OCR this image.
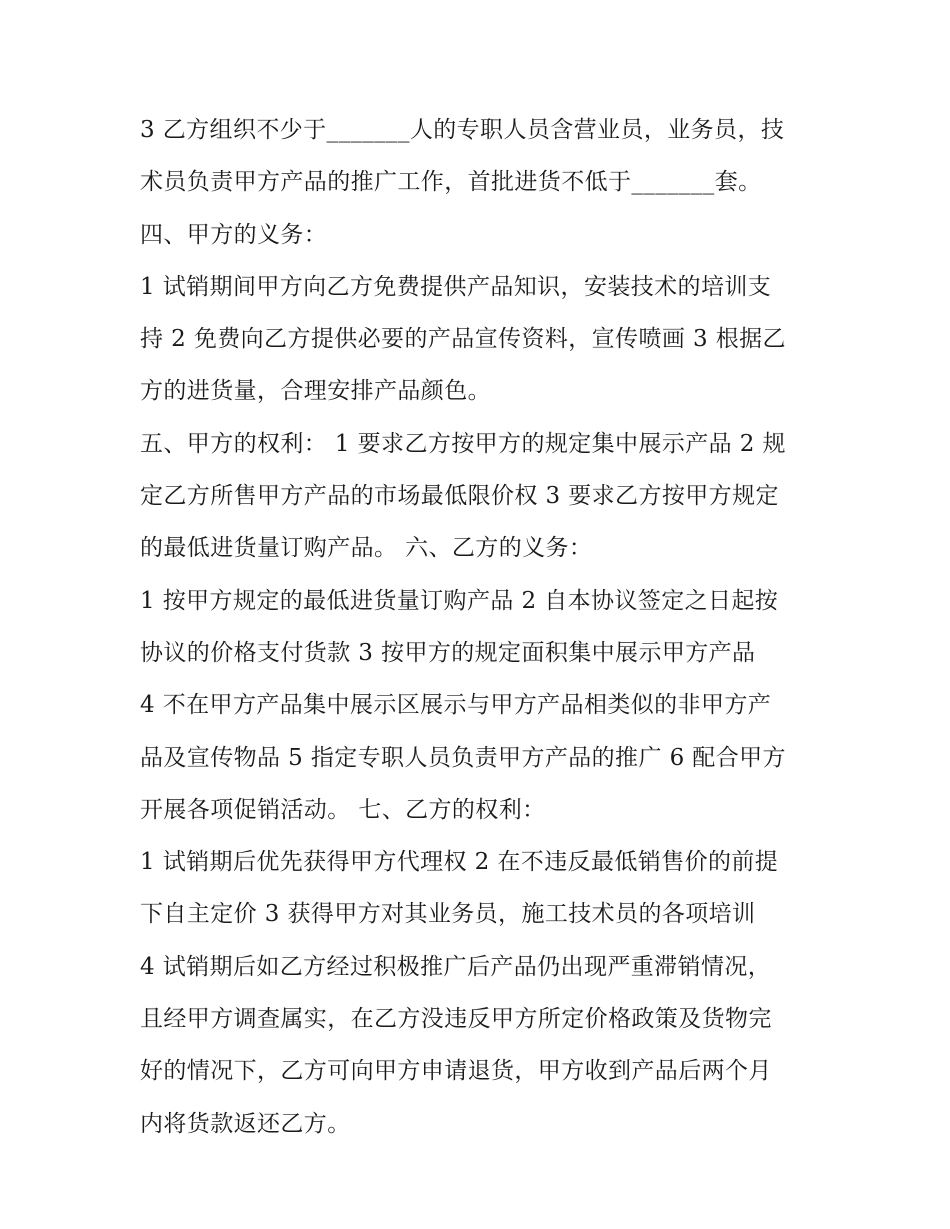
3 乙方组织不少于_______人的专职人员含营业员，业务员，技
术员负责甲方产品的推广工作，首批进货不低于_______套。
四、甲方的义务：
1 试销期间甲方向乙方免费提供产品知识，安装技术的培训支
持 2 免费向乙方提供必要的产品宣传资料，宣传喷画 3 根据乙
方的进货量，合理安排产品颜色。
五、甲方的权利： 1 要求乙方按甲方的规定集中展示产品 2 规
定乙方所售甲方产品的市场最低限价权 3 要求乙方按甲方规定
的最低进货量订购产品。 六、乙方的义务：
1 按甲方规定的最低进货量订购产品 2 自本协议签定之日起按
协议的价格支付货款 3 按甲方的规定面积集中展示甲方产品
4 不在甲方产品集中展示区展示与甲方产品相类似的非甲方产
品及宣传物品 5 指定专职人员负责甲方产品的推广 6 配合甲方
开展各项促销活动。 七、乙方的权利：
1 试销期后优先获得甲方代理权 2 在不违反最低销售价的前提
下自主定价 3 获得甲方对其业务员，施工技术员的各项培训
4 试销期后如乙方经过积极推广后产品仍出现严重滞销情况，
且经甲方调查属实，在乙方没违反甲方所定价格政策及货物完
好的情况下，乙方可向甲方申请退货，甲方收到产品后两个月
内将货款返还乙方。
